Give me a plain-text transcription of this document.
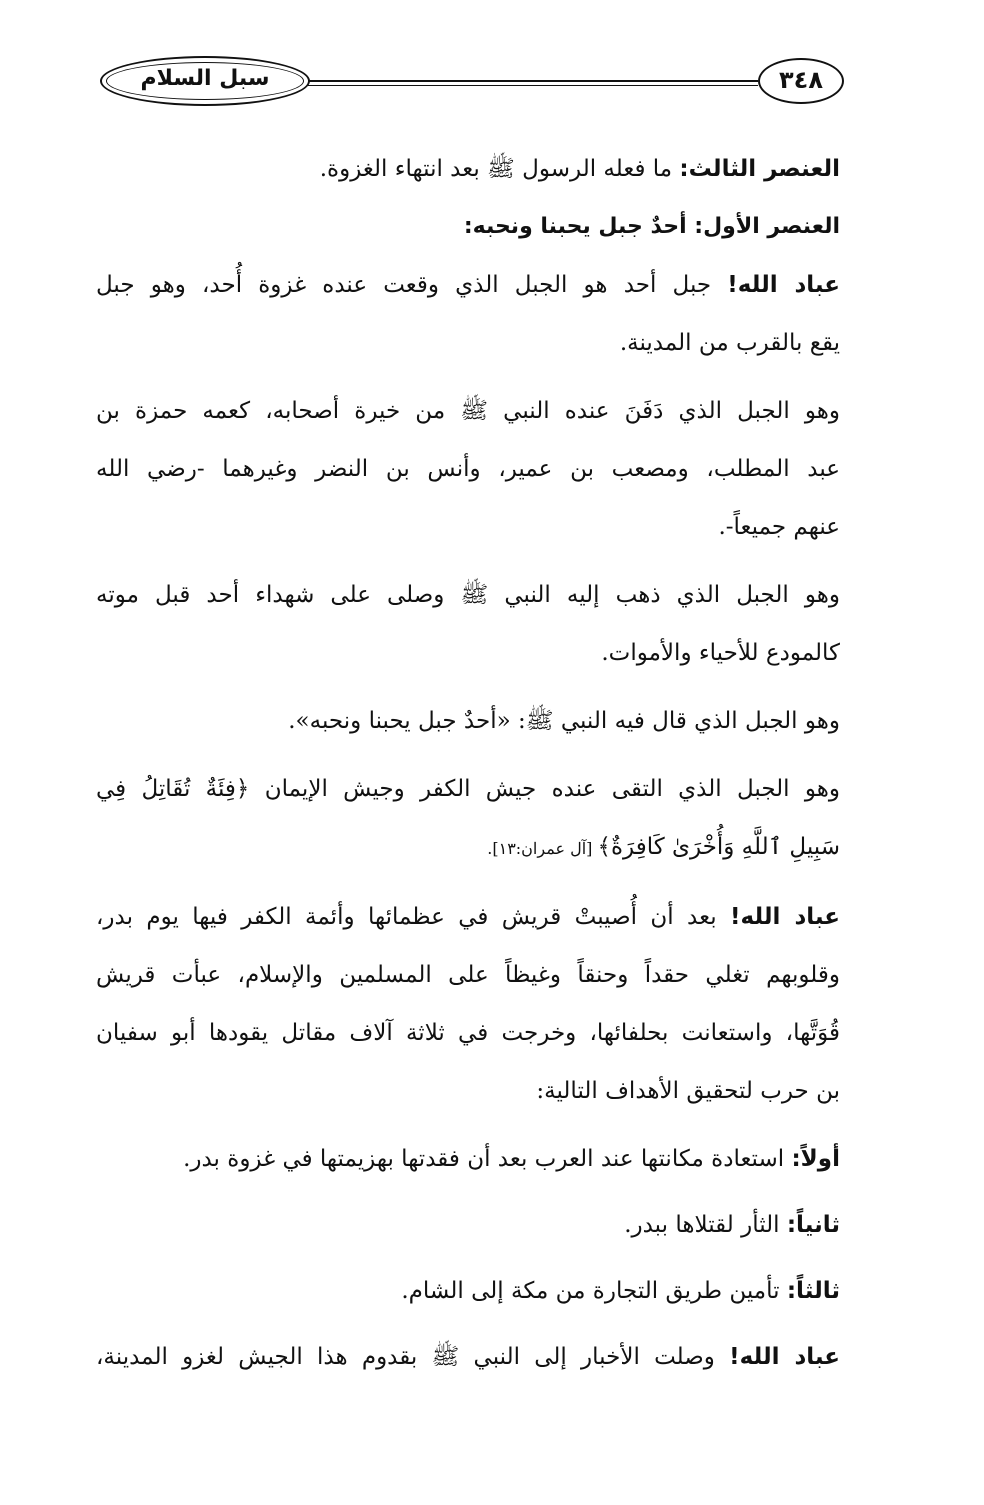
سبل السلام	٣٤٨
العنصر الثالث: ما فعله الرسول ﷺ بعد انتهاء الغزوة.
العنصر الأول: أحدٌ جبل يحبنا ونحبه:
عباد الله! جبل أحد هو الجبل الذي وقعت عنده غزوة أُحد، وهو جبل
يقع بالقرب من المدينة.
وهو الجبل الذي دَفَنَ عنده النبي ﷺ من خيرة أصحابه، كعمه حمزة بن
عبد المطلب، ومصعب بن عمير، وأنس بن النضر وغيرهما -رضي الله
عنهم جميعاً-.
وهو الجبل الذي ذهب إليه النبي ﷺ وصلى على شهداء أحد قبل موته
كالمودع للأحياء والأموات.
وهو الجبل الذي قال فيه النبي ﷺ: «أحدٌ جبل يحبنا ونحبه».
وهو الجبل الذي التقى عنده جيش الكفر وجيش الإيمان ﴿فِئَةٌ تُقَاتِلُ فِي
سَبِيلِ ٱللَّهِ وَأُخْرَىٰ كَافِرَةٌ﴾ [آل عمران:١٣].
عباد الله! بعد أن أُصيبتْ قريش في عظمائها وأئمة الكفر فيها يوم بدر،
وقلوبهم تغلي حقداً وحنقاً وغيظاً على المسلمين والإسلام، عبأت قريش
قُوَتَّها، واستعانت بحلفائها، وخرجت في ثلاثة آلاف مقاتل يقودها أبو سفيان
بن حرب لتحقيق الأهداف التالية:
أولاً: استعادة مكانتها عند العرب بعد أن فقدتها بهزيمتها في غزوة بدر.
ثانياً: الثأر لقتلاها ببدر.
ثالثاً: تأمين طريق التجارة من مكة إلى الشام.
عباد الله! وصلت الأخبار إلى النبي ﷺ بقدوم هذا الجيش لغزو المدينة،
